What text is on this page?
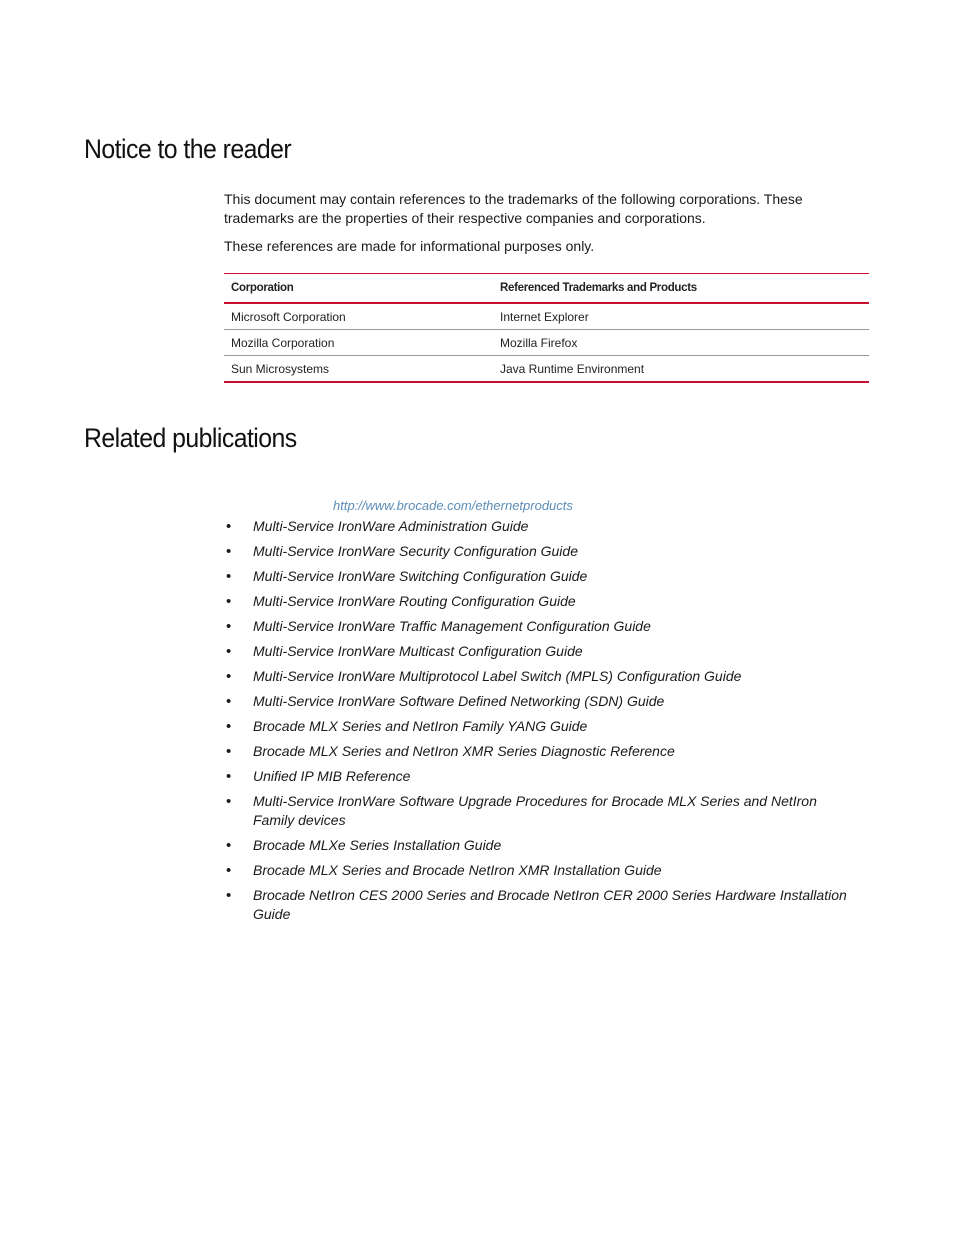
Notice to the reader

This document may contain references to the trademarks of the following corporations. These trademarks are the properties of their respective companies and corporations.

These references are made for informational purposes only.

Corporation	Referenced Trademarks and Products
Microsoft Corporation	Internet Explorer
Mozilla Corporation	Mozilla Firefox
Sun Microsystems	Java Runtime Environment
Related publications
http://www.brocade.com/ethernetproducts
• Multi-Service IronWare Administration Guide
• Multi-Service IronWare Security Configuration Guide
• Multi-Service IronWare Switching Configuration Guide
• Multi-Service IronWare Routing Configuration Guide
• Multi-Service IronWare Traffic Management Configuration Guide
• Multi-Service IronWare Multicast Configuration Guide
• Multi-Service IronWare Multiprotocol Label Switch (MPLS) Configuration Guide
• Multi-Service IronWare Software Defined Networking (SDN) Guide
• Brocade MLX Series and NetIron Family YANG Guide
• Brocade MLX Series and NetIron XMR Series Diagnostic Reference
• Unified IP MIB Reference
• Multi-Service IronWare Software Upgrade Procedures for Brocade MLX Series and NetIron Family devices
• Brocade MLXe Series Installation Guide
• Brocade MLX Series and Brocade NetIron XMR Installation Guide
• Brocade NetIron CES 2000 Series and Brocade NetIron CER 2000 Series Hardware Installation Guide
